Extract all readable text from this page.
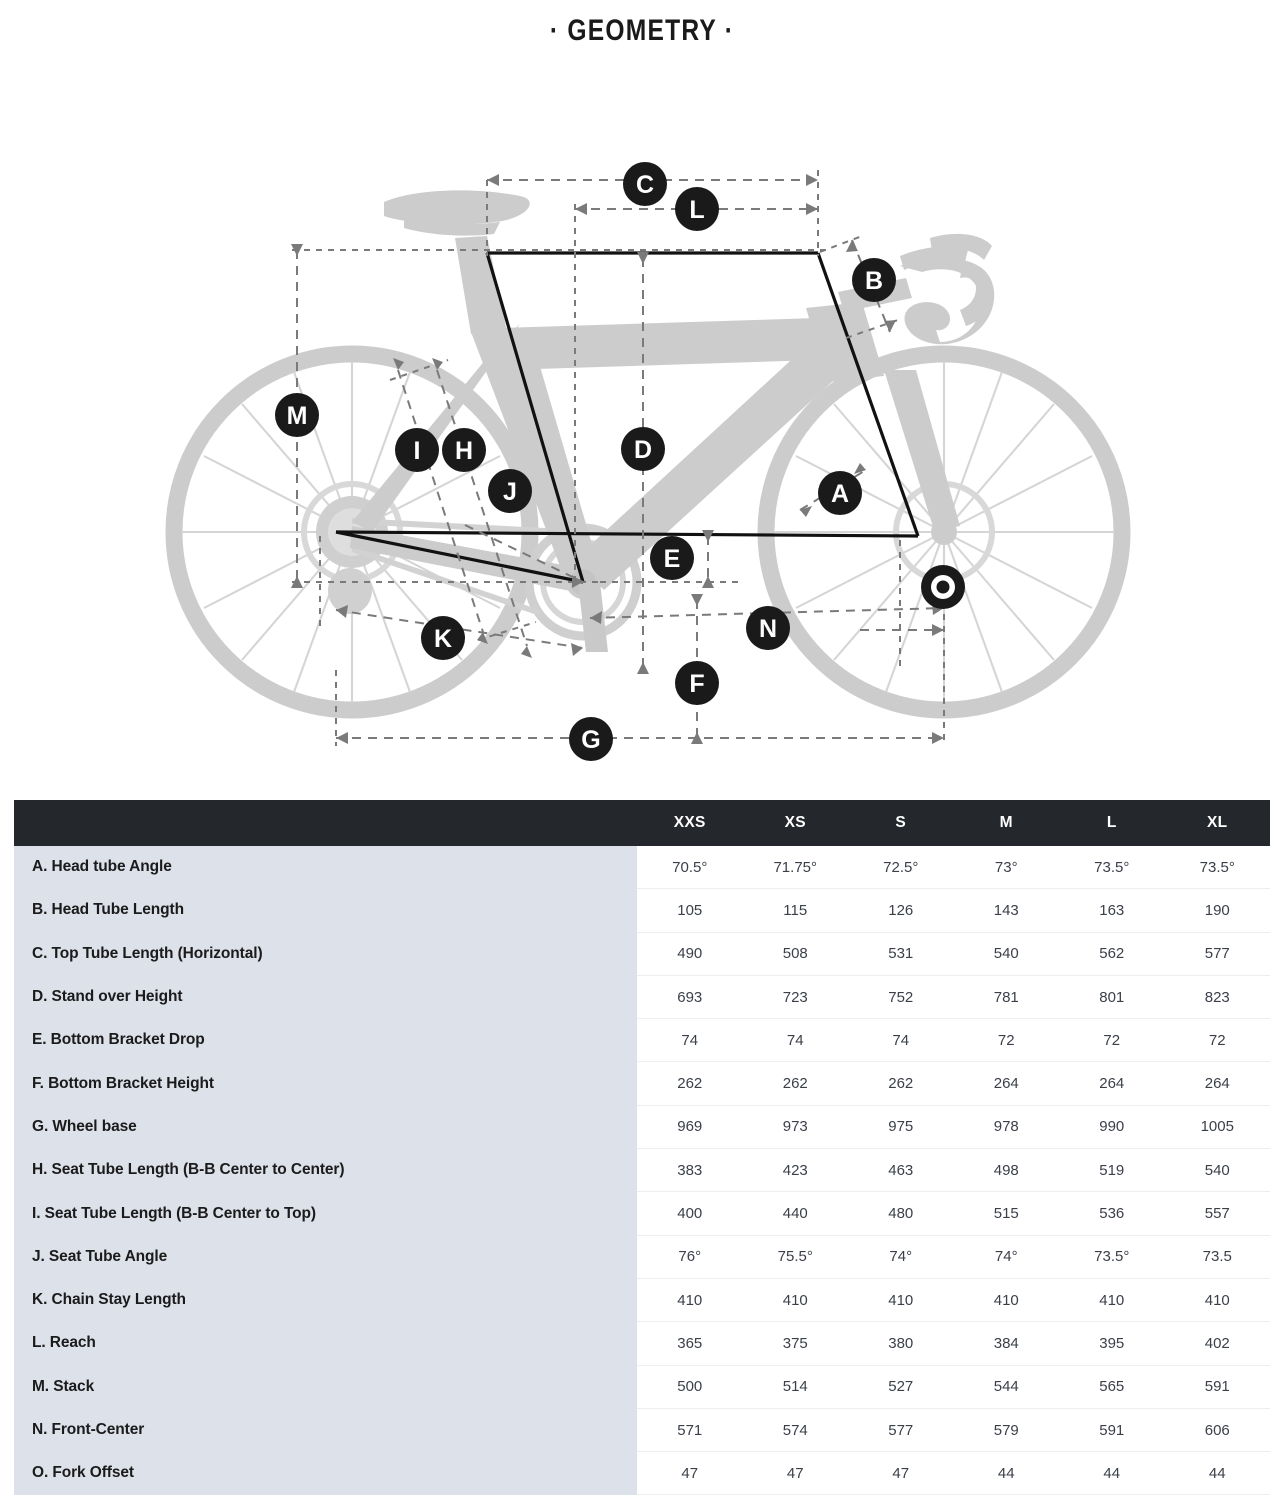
· GEOMETRY ·
A
B
C
D
E
F
G
H
I
J
K
L
M
N
	XXS	XS	S	M	L	XL
A. Head tube Angle	70.5°	71.75°	72.5°	73°	73.5°	73.5°
B. Head Tube Length	105	115	126	143	163	190
C. Top Tube Length (Horizontal)	490	508	531	540	562	577
D. Stand over Height	693	723	752	781	801	823
E. Bottom Bracket Drop	74	74	74	72	72	72
F. Bottom Bracket Height	262	262	262	264	264	264
G. Wheel base	969	973	975	978	990	1005
H. Seat Tube Length (B-B Center to Center)	383	423	463	498	519	540
I. Seat Tube Length (B-B Center to Top)	400	440	480	515	536	557
J. Seat Tube Angle	76°	75.5°	74°	74°	73.5°	73.5
K. Chain Stay Length	410	410	410	410	410	410
L. Reach	365	375	380	384	395	402
M. Stack	500	514	527	544	565	591
N. Front-Center	571	574	577	579	591	606
O. Fork Offset	47	47	47	44	44	44
